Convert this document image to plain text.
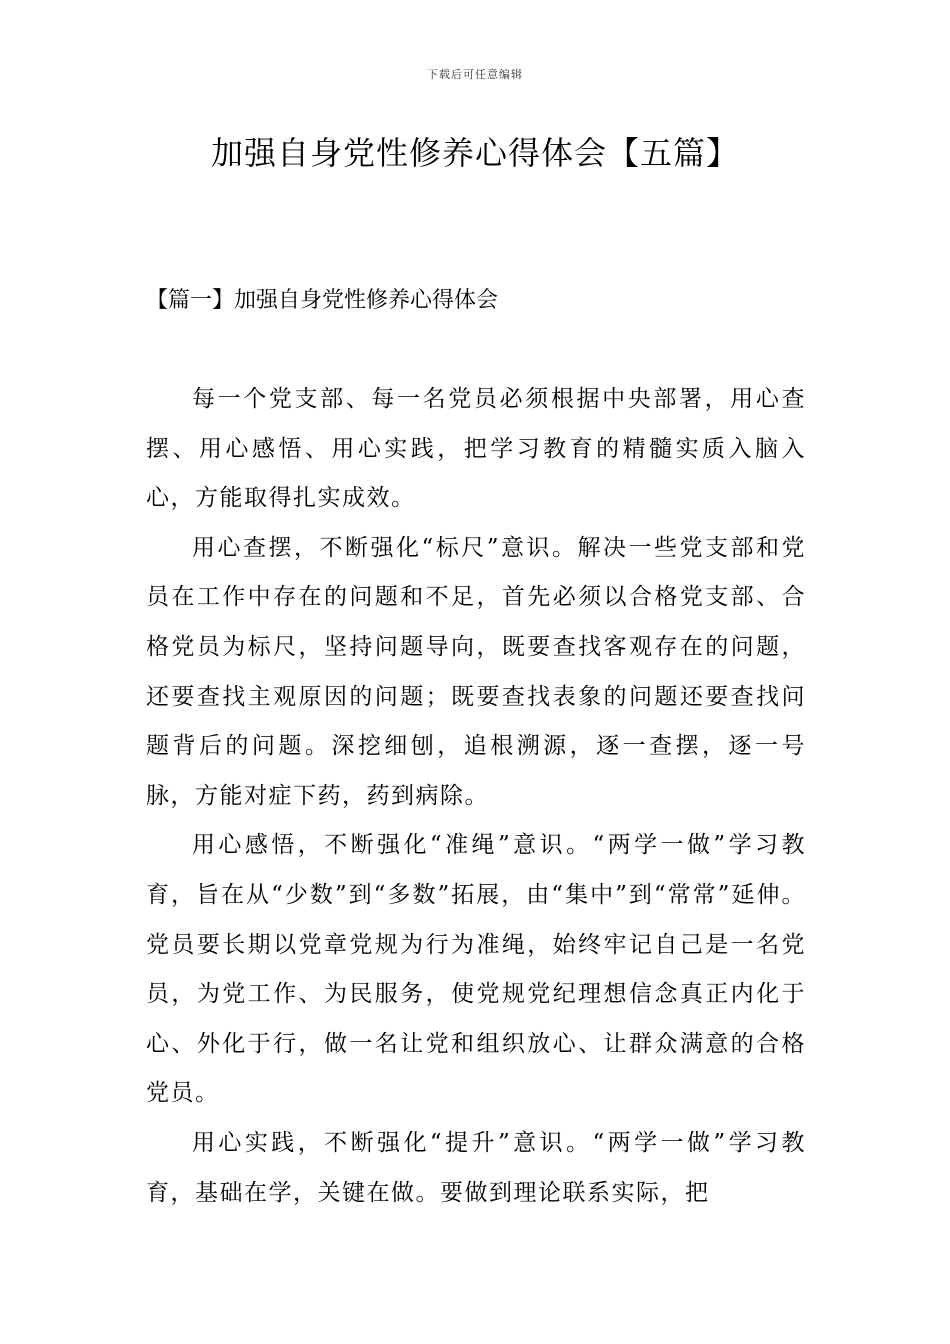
下载后可任意编辑
加强自身党性修养心得体会【五篇】
【篇一】加强自身党性修养心得体会

每一个党支部、每一名党员必须根据中央部署，用心查摆、用心感悟、用心实践，把学习教育的精髓实质入脑入心，方能取得扎实成效。

用心查摆，不断强化“标尺”意识。解决一些党支部和党员在工作中存在的问题和不足，首先必须以合格党支部、合格党员为标尺，坚持问题导向，既要查找客观存在的问题，还要查找主观原因的问题；既要查找表象的问题还要查找问题背后的问题。深挖细刨，追根溯源，逐一查摆，逐一号脉，方能对症下药，药到病除。

用心感悟，不断强化“准绳”意识。“两学一做”学习教育，旨在从“少数”到“多数”拓展，由“集中”到“常常”延伸。党员要长期以党章党规为行为准绳，始终牢记自己是一名党员，为党工作、为民服务，使党规党纪理想信念真正内化于心、外化于行，做一名让党和组织放心、让群众满意的合格党员。

用心实践，不断强化“提升”意识。“两学一做”学习教育，基础在学，关键在做。要做到理论联系实际，把
